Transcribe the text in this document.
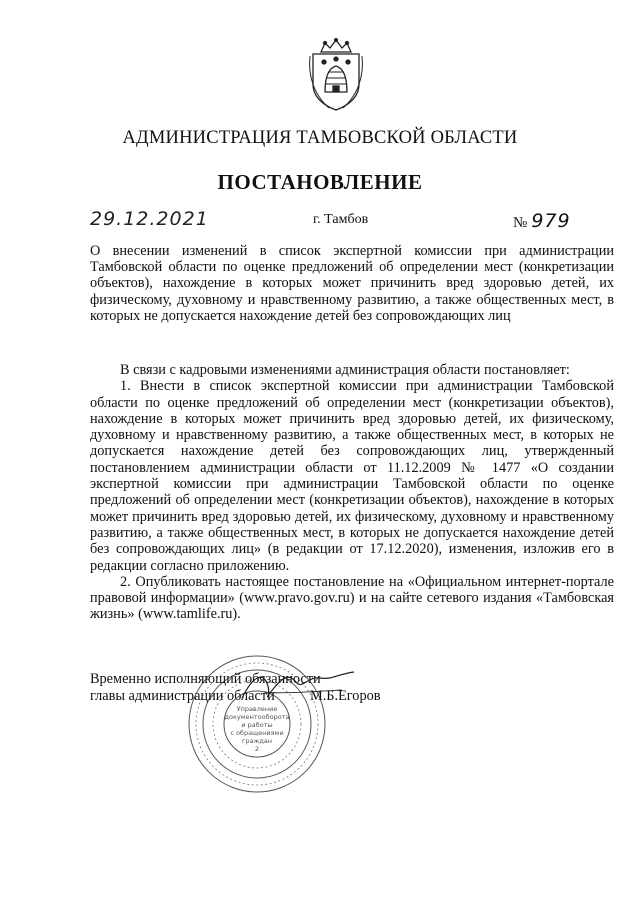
АДМИНИСТРАЦИЯ ТАМБОВСКОЙ ОБЛАСТИ
ПОСТАНОВЛЕНИЕ
29.12.2021	г. Тамбов	№ 979
О внесении изменений в список экспертной комиссии при администрации Тамбовской области по оценке предложений об определении мест (конкретизации объектов), нахождение в которых может причинить вред здоровью детей, их физическому, духовному и нравственному развитию, а также общественных мест, в которых не допускается нахождение детей без сопровождающих лиц

В связи с кадровыми изменениями администрация области постановляет:

1. Внести в список экспертной комиссии при администрации Тамбовской области по оценке предложений об определении мест (конкретизации объектов), нахождение в которых может причинить вред здоровью детей, их физическому, духовному и нравственному развитию, а также общественных мест, в которых не допускается нахождение детей без сопровождающих лиц, утвержденный постановлением администрации области от 11.12.2009 № 1477 «О создании экспертной комиссии при администрации Тамбовской области по оценке предложений об определении мест (конкретизации объектов), нахождение в которых может причинить вред здоровью детей, их физическому, духовному и нравственному развитию, а также общественных мест, в которых не допускается нахождение детей без сопровождающих лиц» (в редакции от 17.12.2020), изменения, изложив его в редакции согласно приложению.

2. Опубликовать настоящее постановление на «Официальном интернет-портале правовой информации» (www.pravo.gov.ru) и на сайте сетевого издания «Тамбовская жизнь» (www.tamlife.ru).

Управление
документооборота
и работы
с обращениями
граждан
2
Временно исполняющий обязанности
главы администрации области	М.Б.Егоров
